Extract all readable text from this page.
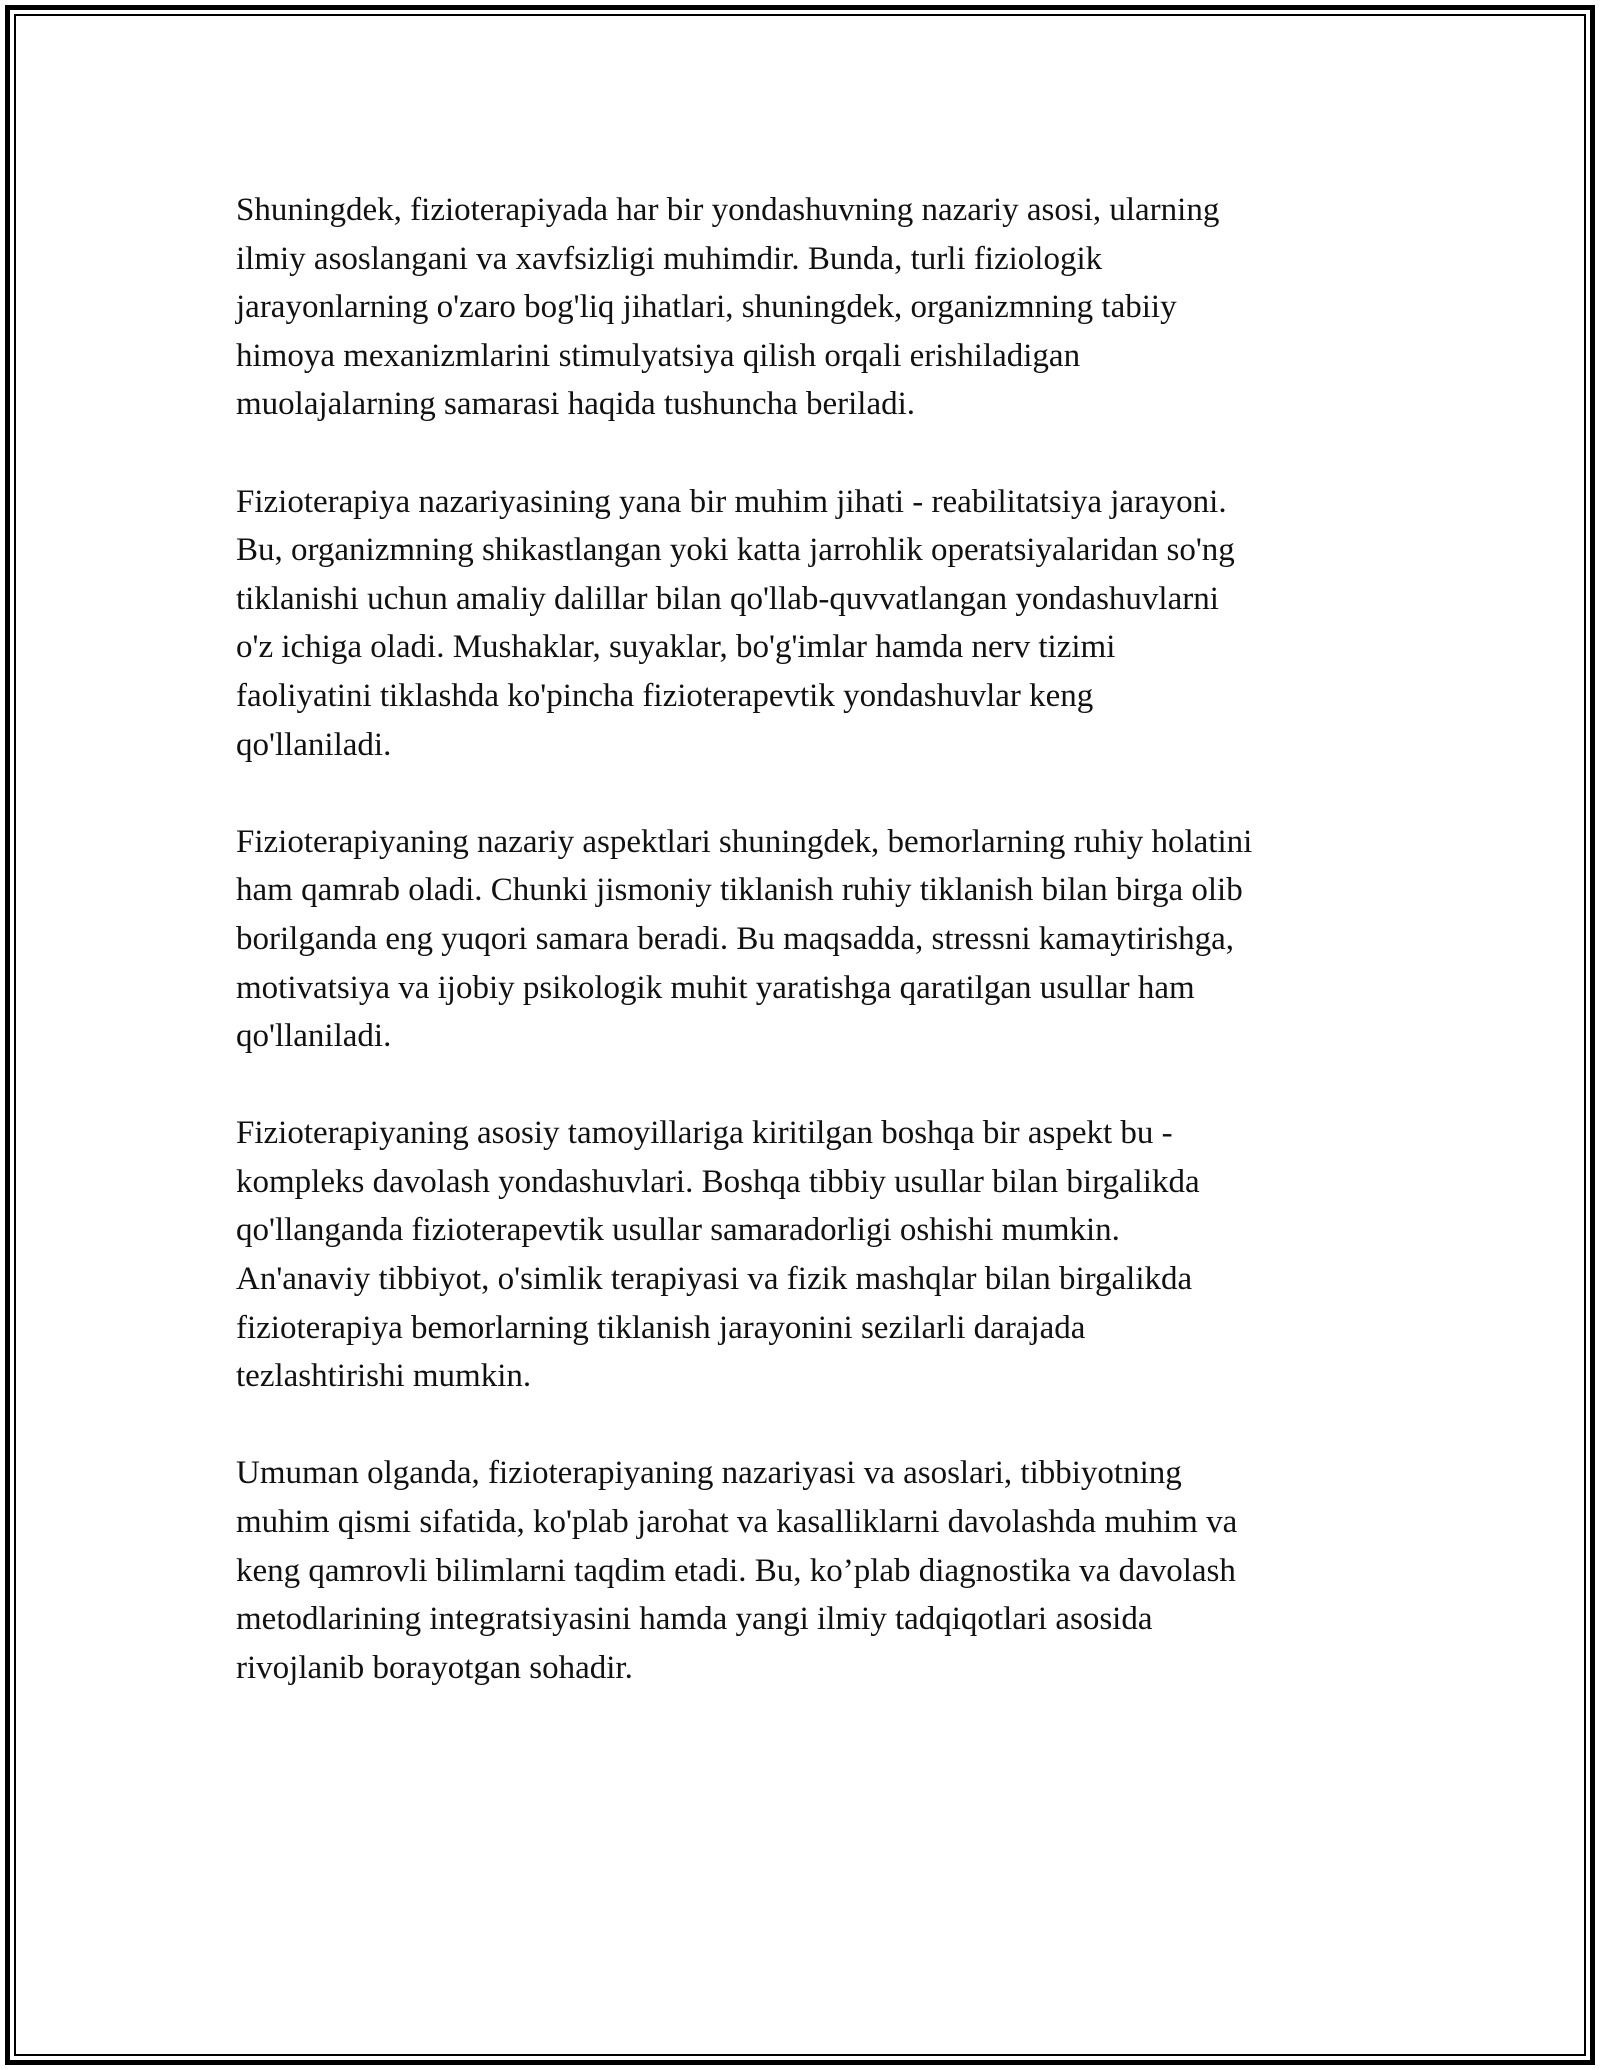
Shuningdek, fizioterapiyada har bir yondashuvning nazariy asosi, ularning
ilmiy asoslangani va xavfsizligi muhimdir. Bunda, turli fiziologik
jarayonlarning o'zaro bog'liq jihatlari, shuningdek, organizmning tabiiy
himoya mexanizmlarini stimulyatsiya qilish orqali erishiladigan
muolajalarning samarasi haqida tushuncha beriladi.

Fizioterapiya nazariyasining yana bir muhim jihati - reabilitatsiya jarayoni.
Bu, organizmning shikastlangan yoki katta jarrohlik operatsiyalaridan so'ng
tiklanishi uchun amaliy dalillar bilan qo'llab-quvvatlangan yondashuvlarni
o'z ichiga oladi. Mushaklar, suyaklar, bo'g'imlar hamda nerv tizimi
faoliyatini tiklashda ko'pincha fizioterapevtik yondashuvlar keng
qo'llaniladi.

Fizioterapiyaning nazariy aspektlari shuningdek, bemorlarning ruhiy holatini
ham qamrab oladi. Chunki jismoniy tiklanish ruhiy tiklanish bilan birga olib
borilganda eng yuqori samara beradi. Bu maqsadda, stressni kamaytirishga,
motivatsiya va ijobiy psikologik muhit yaratishga qaratilgan usullar ham
qo'llaniladi.

Fizioterapiyaning asosiy tamoyillariga kiritilgan boshqa bir aspekt bu -
kompleks davolash yondashuvlari. Boshqa tibbiy usullar bilan birgalikda
qo'llanganda fizioterapevtik usullar samaradorligi oshishi mumkin.
An'anaviy tibbiyot, o'simlik terapiyasi va fizik mashqlar bilan birgalikda
fizioterapiya bemorlarning tiklanish jarayonini sezilarli darajada
tezlashtirishi mumkin.

Umuman olganda, fizioterapiyaning nazariyasi va asoslari, tibbiyotning
muhim qismi sifatida, ko'plab jarohat va kasalliklarni davolashda muhim va
keng qamrovli bilimlarni taqdim etadi. Bu, ko’plab diagnostika va davolash
metodlarining integratsiyasini hamda yangi ilmiy tadqiqotlari asosida
rivojlanib borayotgan sohadir.
